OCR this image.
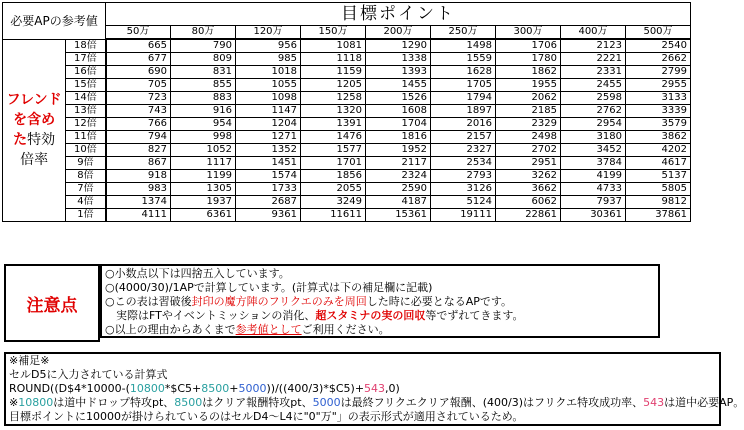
必要APの参考値		目標ポイント								
		50万	80万	120万	150万	200万	250万	300万	400万	500万
フレンド
を含め
た特効
倍率	18倍	665	790	956	1081	1290	1498	1706	2123	2540
	17倍	677	809	985	1118	1338	1559	1780	2221	2662
	16倍	690	831	1018	1159	1393	1628	1862	2331	2799
	15倍	705	855	1055	1205	1455	1705	1955	2455	2955
	14倍	723	883	1098	1258	1526	1794	2062	2598	3133
	13倍	743	916	1147	1320	1608	1897	2185	2762	3339
	12倍	766	954	1204	1391	1704	2016	2329	2954	3579
	11倍	794	998	1271	1476	1816	2157	2498	3180	3862
	10倍	827	1052	1352	1577	1952	2327	2702	3452	4202
	9倍	867	1117	1451	1701	2117	2534	2951	3784	4617
	8倍	918	1199	1574	1856	2324	2793	3262	4199	5137
	7倍	983	1305	1733	2055	2590	3126	3662	4733	5805
	4倍	1374	1937	2687	3249	4187	5124	6062	7937	9812
	1倍	4111	6361	9361	11611	15361	19111	22861	30361	37861
注意点
○小数点以下は四捨五入しています。
○(4000/30)/1APで計算しています。(計算式は下の補足欄に記載)
○この表は習破後封印の魔方陣のフリクエのみを周回した時に必要となるAPです。
　実際はFTやイベントミッションの消化、超スタミナの実の回収等でずれてきます。
○以上の理由からあくまで参考値としてご利用ください。
※補足※
セルD5に入力されている計算式
ROUND((D$4*10000-(10800*$C5+8500+5000))/((400/3)*$C5)+543,0)
※10800は道中ドロップ特攻pt、8500はクリア報酬特攻pt、5000は最終フリクエクリア報酬、(400/3)はフリクエ特攻成功率、543は道中必要AP。
目標ポイントに10000が掛けられているのはセルD4～L4に"0"万"」の表示形式が適用されているため。
